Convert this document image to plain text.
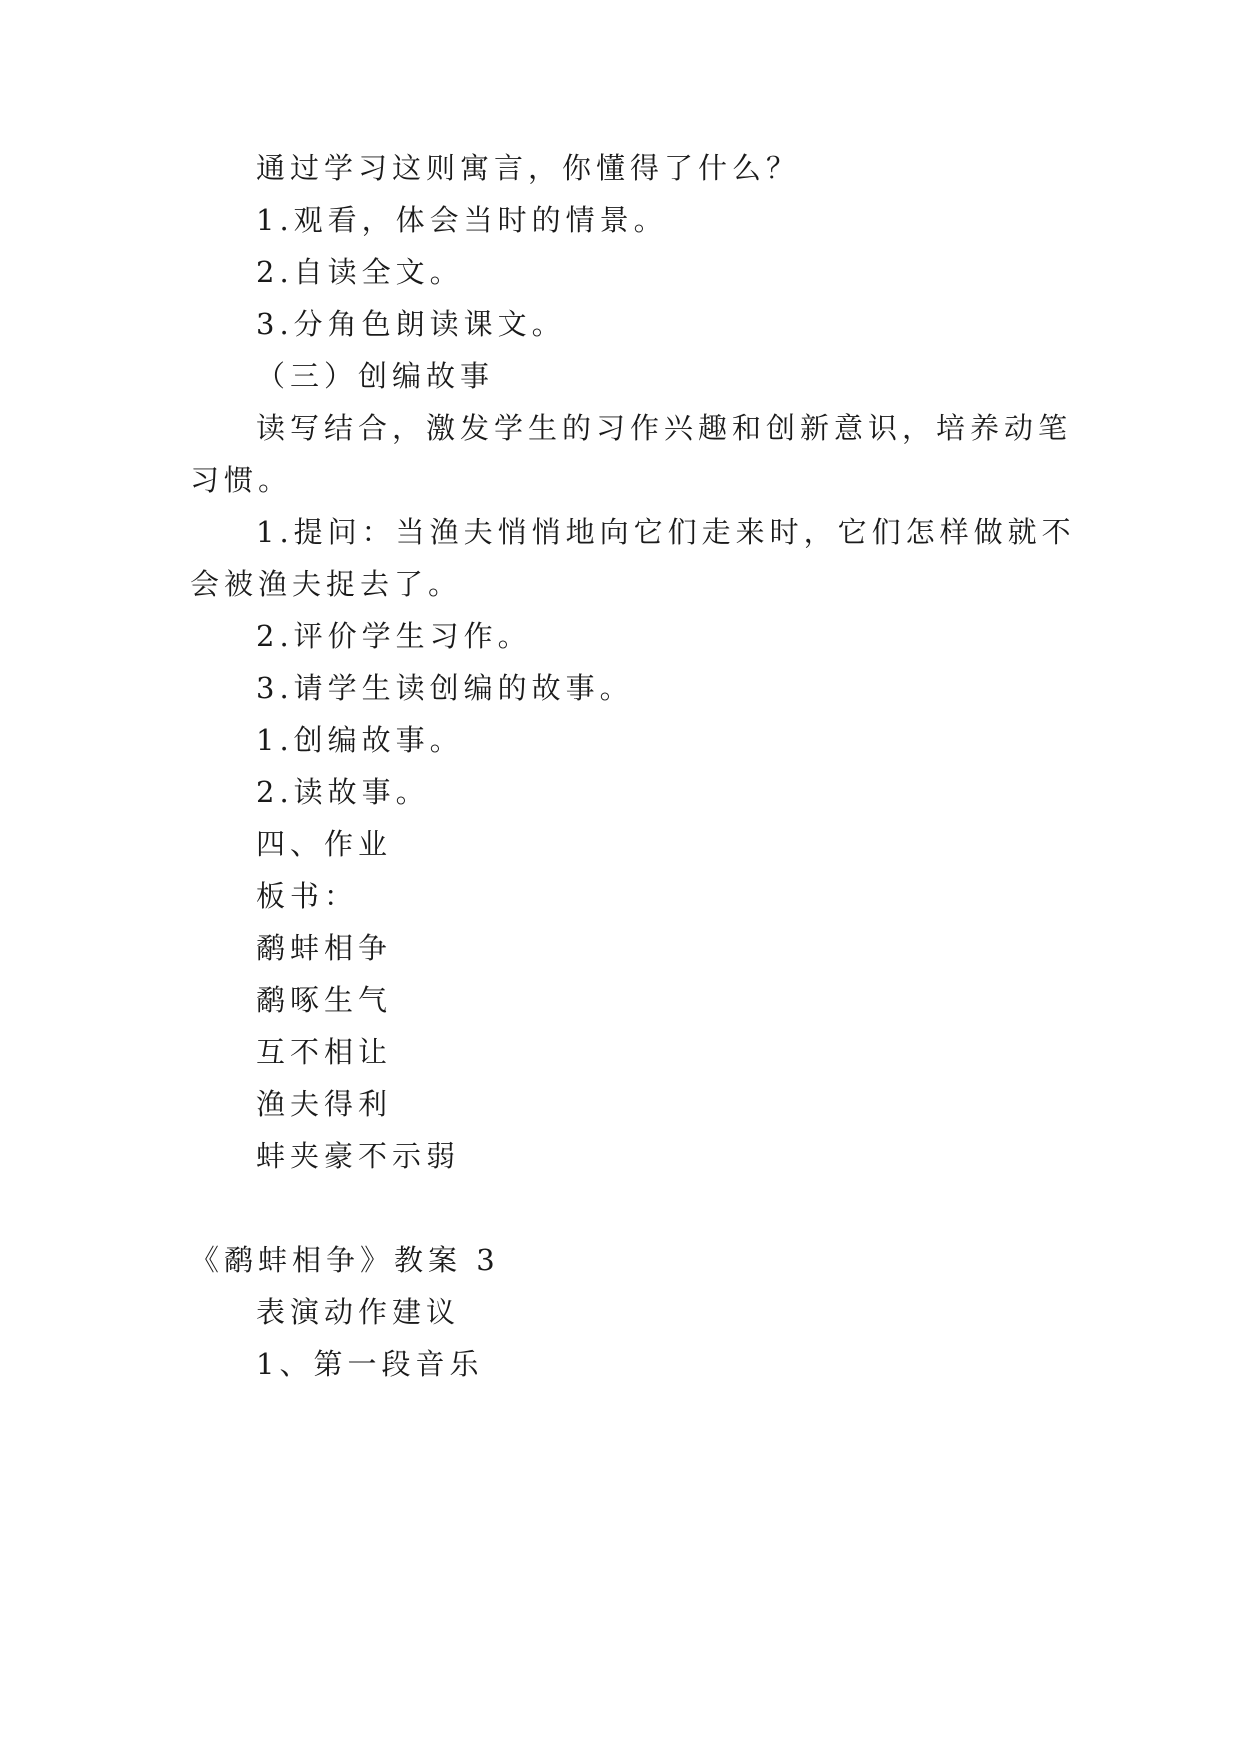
通过学习这则寓言，你懂得了什么？
1.观看，体会当时的情景。
2.自读全文。
3.分角色朗读课文。
（三）创编故事
读写结合，激发学生的习作兴趣和创新意识，培养动笔
习惯。
1.提问：当渔夫悄悄地向它们走来时，它们怎样做就不
会被渔夫捉去了。
2.评价学生习作。
3.请学生读创编的故事。
1.创编故事。
2.读故事。
四、作业
板书：
鹬蚌相争
鹬啄生气
互不相让
渔夫得利
蚌夹豪不示弱
《鹬蚌相争》教案 3
表演动作建议
1、第一段音乐
